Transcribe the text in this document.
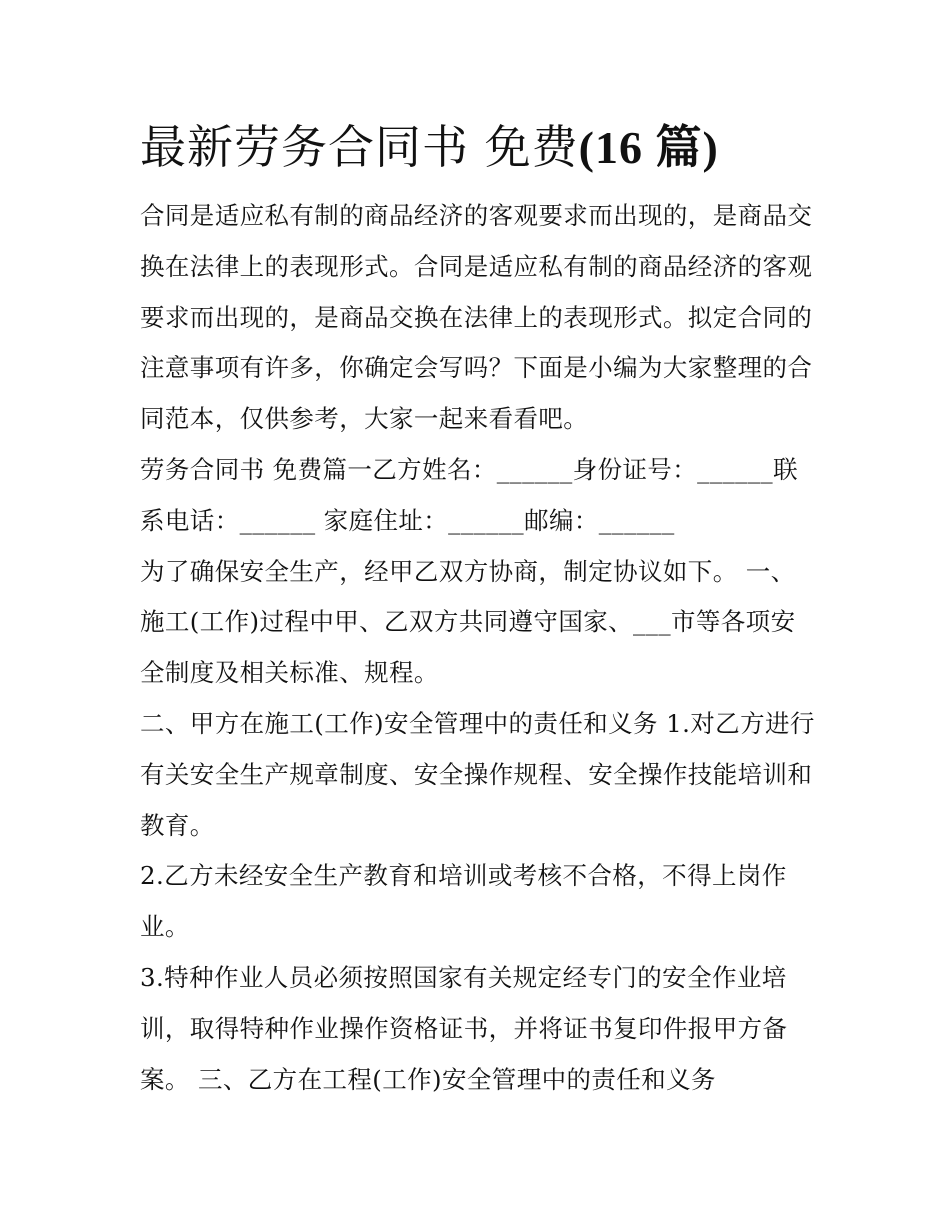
最新劳务合同书 免费(16 篇)

合同是适应私有制的商品经济的客观要求而出现的，是商品交
换在法律上的表现形式。合同是适应私有制的商品经济的客观
要求而出现的，是商品交换在法律上的表现形式。拟定合同的
注意事项有许多，你确定会写吗？下面是小编为大家整理的合
同范本，仅供参考，大家一起来看看吧。

劳务合同书 免费篇一乙方姓名：______身份证号：______联
系电话：______ 家庭住址：______邮编：______

为了确保安全生产，经甲乙双方协商，制定协议如下。 一、
施工(工作)过程中甲、乙双方共同遵守国家、___市等各项安
全制度及相关标准、规程。

二、甲方在施工(工作)安全管理中的责任和义务 1.对乙方进行
有关安全生产规章制度、安全操作规程、安全操作技能培训和
教育。

2.乙方未经安全生产教育和培训或考核不合格，不得上岗作
业。

3.特种作业人员必须按照国家有关规定经专门的安全作业培
训，取得特种作业操作资格证书，并将证书复印件报甲方备
案。 三、乙方在工程(工作)安全管理中的责任和义务
